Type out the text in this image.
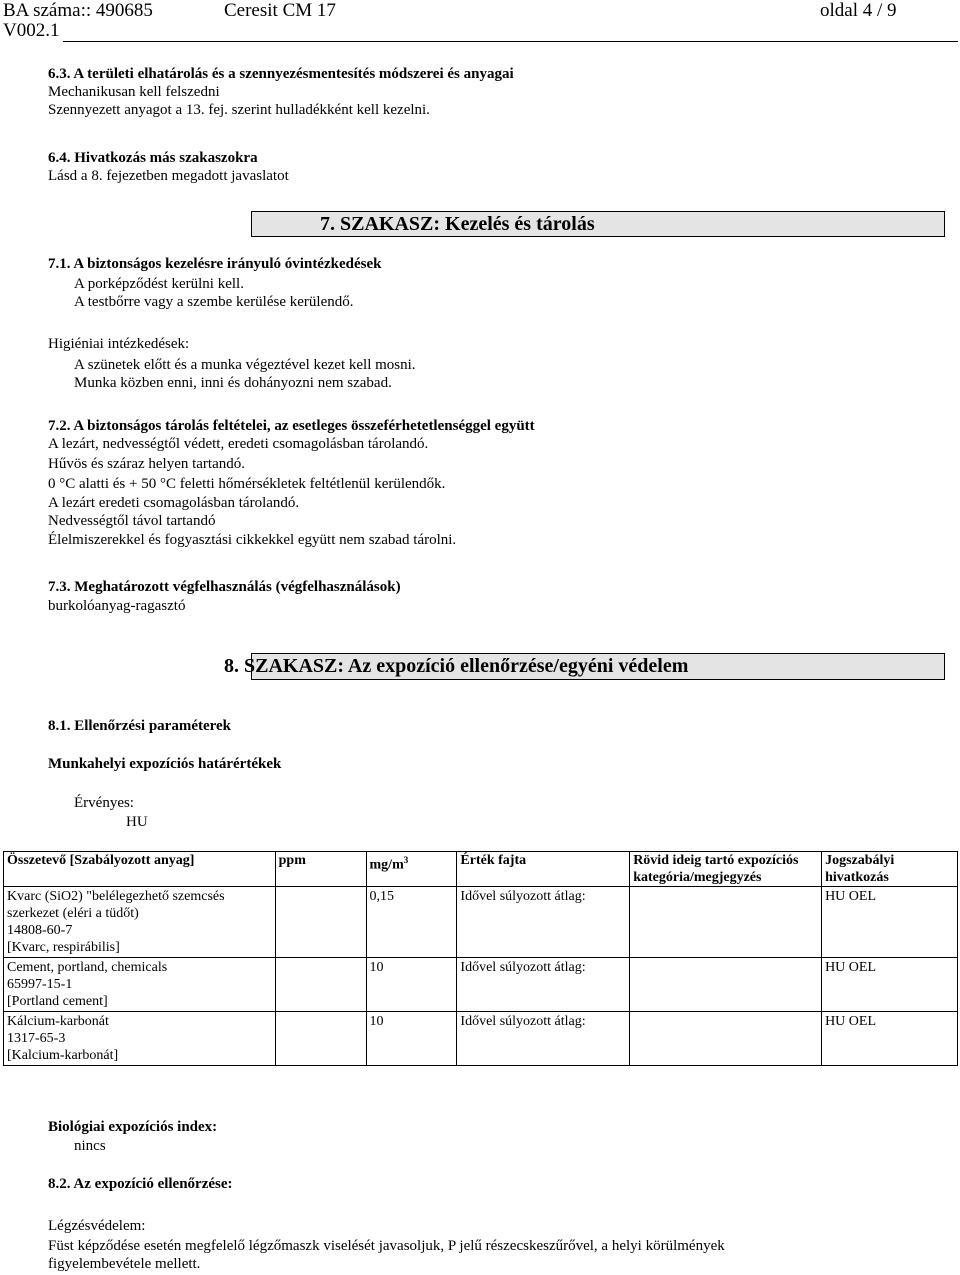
BA száma:: 490685
V002.1
Ceresit CM 17	oldal 4 / 9
6.3. A területi elhatárolás és a szennyezésmentesítés módszerei és anyagai
Mechanikusan kell felszedni
Szennyezett anyagot a 13. fej. szerint hulladékként kell kezelni.
6.4. Hivatkozás más szakaszokra
Lásd a 8. fejezetben megadott javaslatot
7. SZAKASZ: Kezelés és tárolás
7.1. A biztonságos kezelésre irányuló óvintézkedések
A porképződést kerülni kell.
A testbőrre vagy a szembe kerülése kerülendő.
Higiéniai intézkedések:
A szünetek előtt és a munka végeztével kezet kell mosni.
Munka közben enni, inni és dohányozni nem szabad.
7.2. A biztonságos tárolás feltételei, az esetleges összeférhetetlenséggel együtt
A lezárt, nedvességtől védett, eredeti csomagolásban tárolandó.
Hűvös és száraz helyen tartandó.
0 °C alatti és + 50 °C feletti hőmérsékletek feltétlenül kerülendők.
A lezárt eredeti csomagolásban tárolandó.
Nedvességtől távol tartandó
Élelmiszerekkel és fogyasztási cikkekkel együtt nem szabad tárolni.
7.3. Meghatározott végfelhasználás (végfelhasználások)
burkolóanyag-ragasztó
8. SZAKASZ: Az expozíció ellenőrzése/egyéni védelem
8.1. Ellenőrzési paraméterek
Munkahelyi expozíciós határértékek
Érvényes:
HU
Összetevő [Szabályozott anyag]	ppm	$mg/m^3$	Érték fajta	Rövid ideig tartó expozíciós kategória/megjegyzés	Jogszabályi hivatkozás

Kvarc (SiO2) "belélegezhető szemcsés
szerkezet (eléri a tüdőt)
14808-60-7
[Kvarc, respirábilis]		0,15	Idővel súlyozott átlag:		HU OEL

Cement, portland, chemicals
65997-15-1
[Portland cement]		10	Idővel súlyozott átlag:		HU OEL

Kálcium-karbonát
1317-65-3
[Kalcium-karbonát]		10	Idővel súlyozott átlag:		HU OEL
Biológiai expozíciós index:
nincs
8.2. Az expozíció ellenőrzése:
Légzésvédelem:
Füst képződése esetén megfelelő légzőmaszk viselését javasoljuk, P jelű részecskeszűrővel, a helyi körülmények
figyelembevétele mellett.
